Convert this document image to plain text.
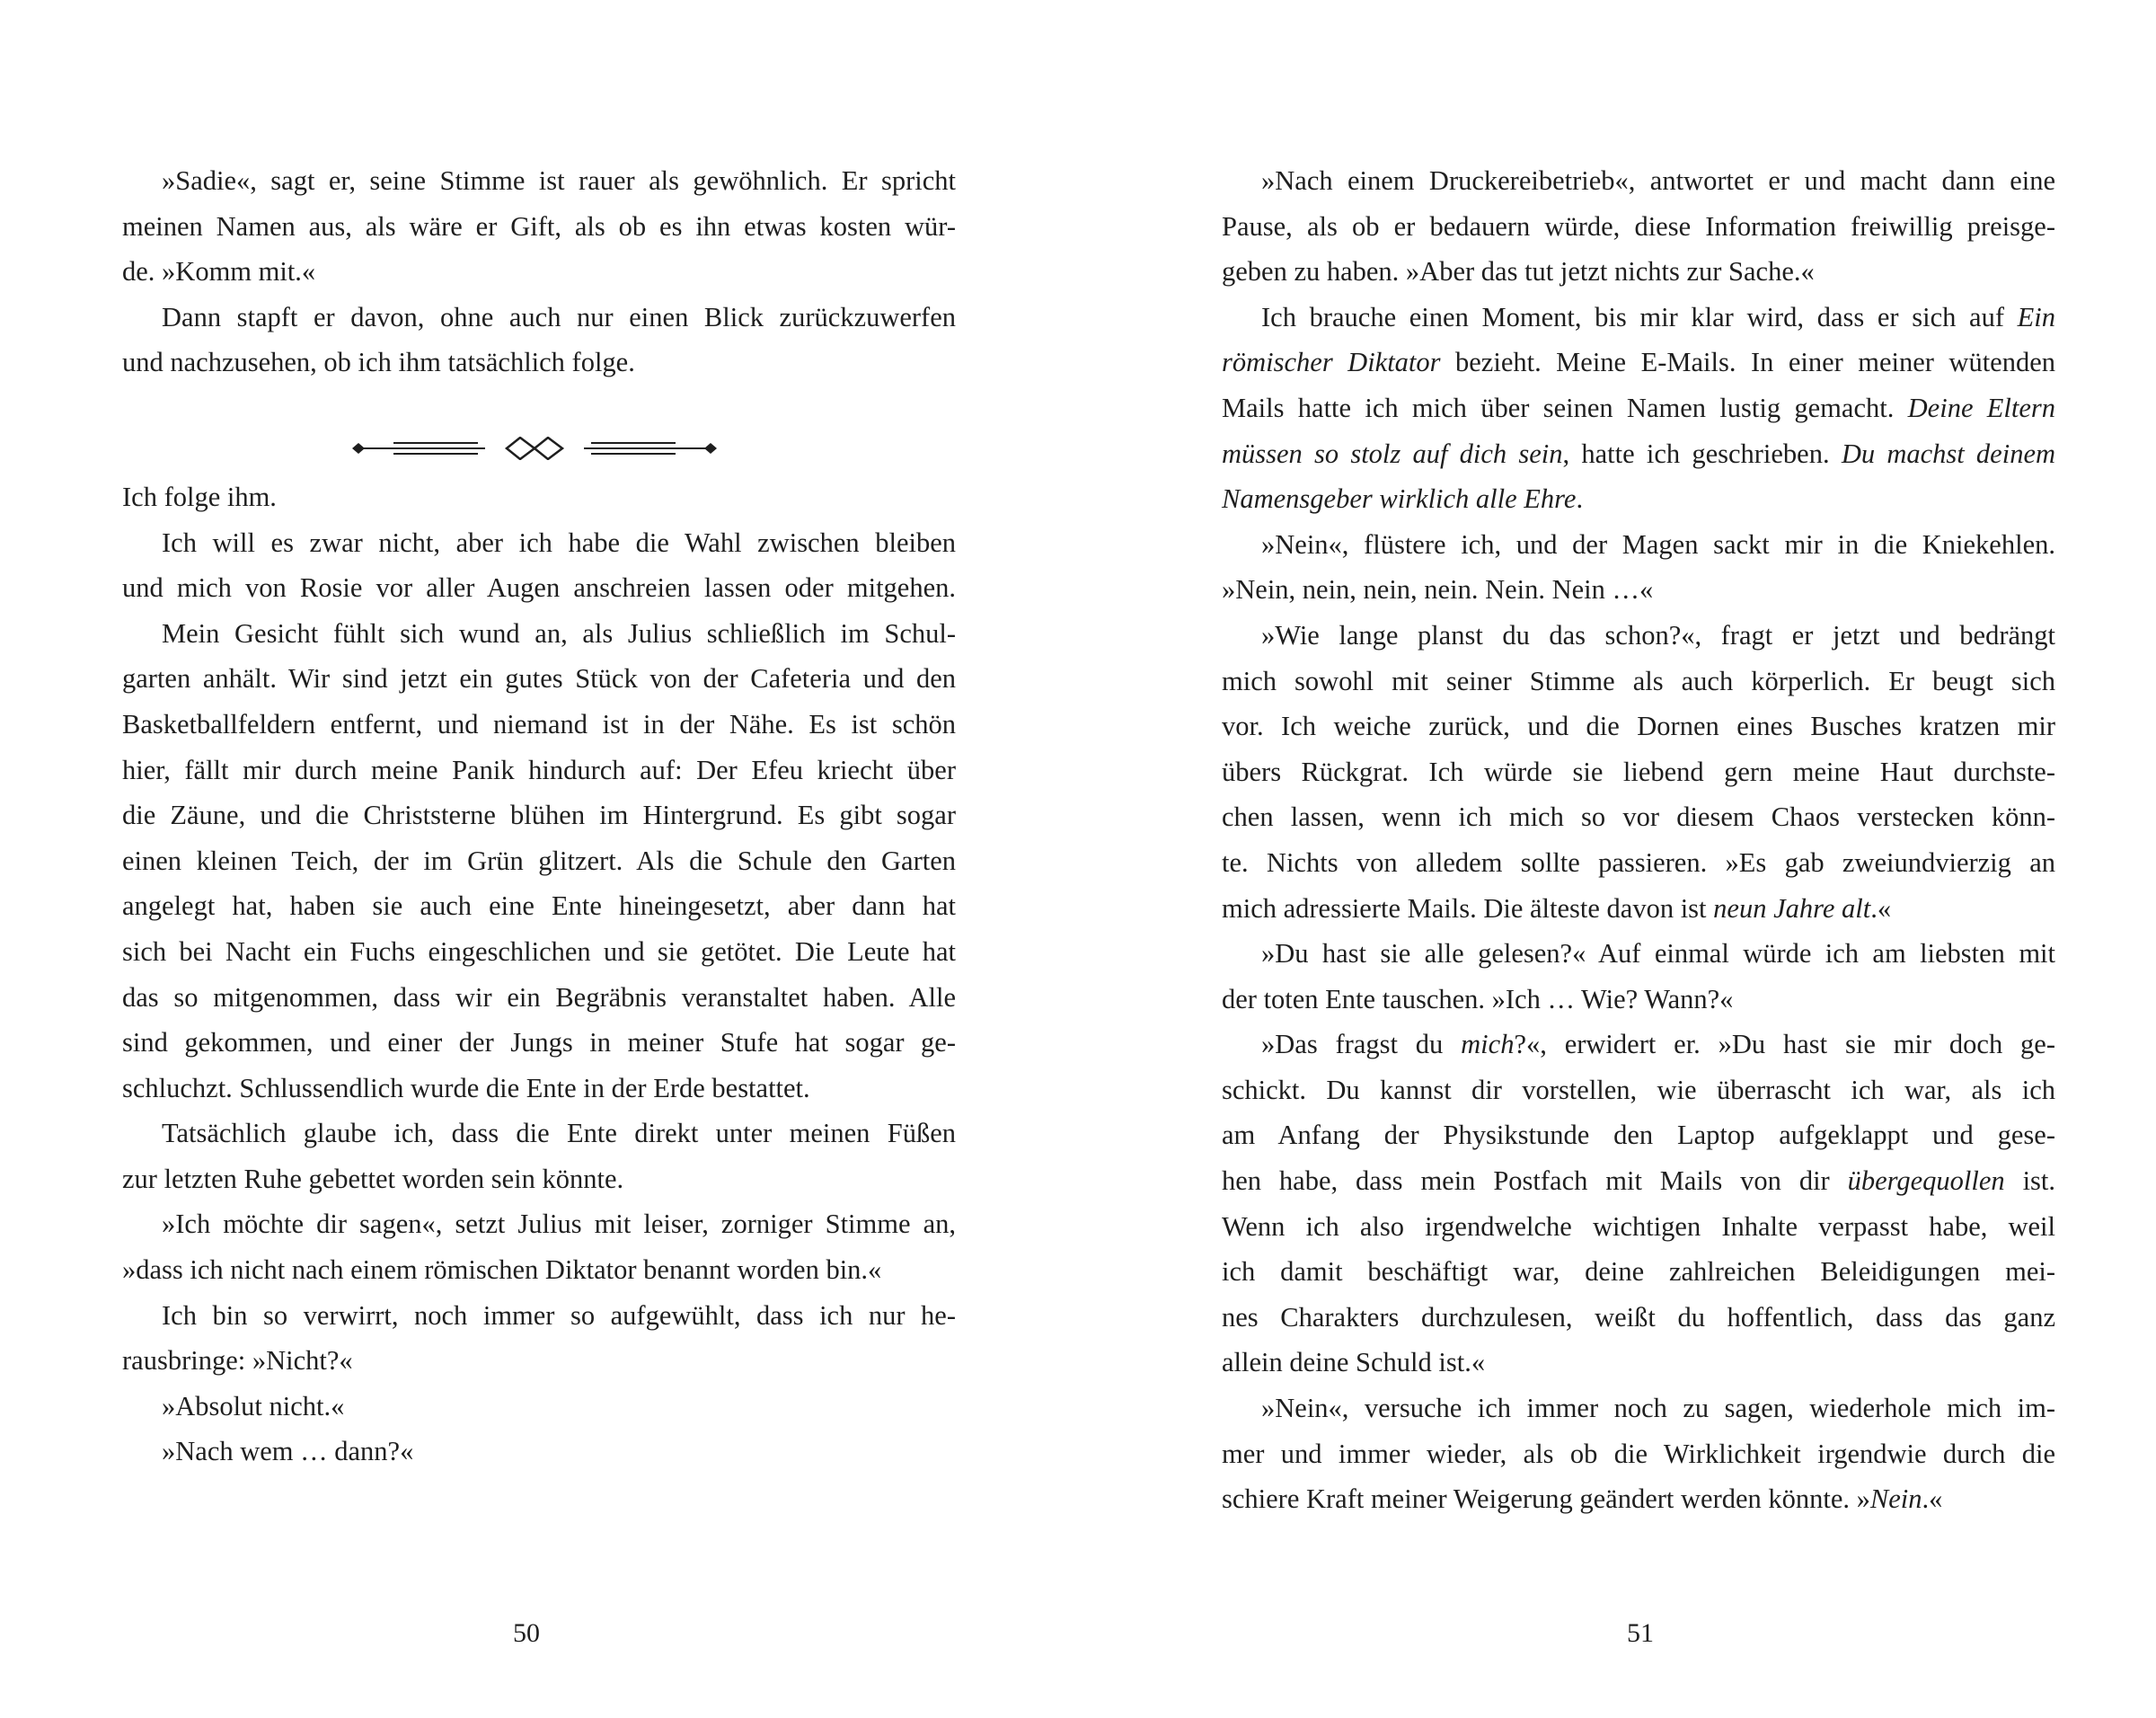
»Sadie«, sagt er, seine Stimme ist rauer als gewöhnlich. Er spricht
meinen Namen aus, als wäre er Gift, als ob es ihn etwas kosten wür-
de. »Komm mit.«
Dann stapft er davon, ohne auch nur einen Blick zurückzuwerfen
und nachzusehen, ob ich ihm tatsächlich folge.
Ich folge ihm.
Ich will es zwar nicht, aber ich habe die Wahl zwischen bleiben
und mich von Rosie vor aller Augen anschreien lassen oder mitgehen.
Mein Gesicht fühlt sich wund an, als Julius schließlich im Schul-
garten anhält. Wir sind jetzt ein gutes Stück von der Cafeteria und den
Basketballfeldern entfernt, und niemand ist in der Nähe. Es ist schön
hier, fällt mir durch meine Panik hindurch auf: Der Efeu kriecht über
die Zäune, und die Christsterne blühen im Hintergrund. Es gibt sogar
einen kleinen Teich, der im Grün glitzert. Als die Schule den Garten
angelegt hat, haben sie auch eine Ente hineingesetzt, aber dann hat
sich bei Nacht ein Fuchs eingeschlichen und sie getötet. Die Leute hat
das so mitgenommen, dass wir ein Begräbnis veranstaltet haben. Alle
sind gekommen, und einer der Jungs in meiner Stufe hat sogar ge-
schluchzt. Schlussendlich wurde die Ente in der Erde bestattet.
Tatsächlich glaube ich, dass die Ente direkt unter meinen Füßen
zur letzten Ruhe gebettet worden sein könnte.
»Ich möchte dir sagen«, setzt Julius mit leiser, zorniger Stimme an,
»dass ich nicht nach einem römischen Diktator benannt worden bin.«
Ich bin so verwirrt, noch immer so aufgewühlt, dass ich nur he-
rausbringe: »Nicht?«
»Absolut nicht.«
»Nach wem … dann?«
50
»Nach einem Druckereibetrieb«, antwortet er und macht dann eine
Pause, als ob er bedauern würde, diese Information freiwillig preisge-
geben zu haben. »Aber das tut jetzt nichts zur Sache.«
Ich brauche einen Moment, bis mir klar wird, dass er sich auf Ein
römischer Diktator bezieht. Meine E-Mails. In einer meiner wütenden
Mails hatte ich mich über seinen Namen lustig gemacht. Deine Eltern
müssen so stolz auf dich sein, hatte ich geschrieben. Du machst deinem
Namensgeber wirklich alle Ehre.
»Nein«, flüstere ich, und der Magen sackt mir in die Kniekehlen.
»Nein, nein, nein, nein. Nein. Nein …«
»Wie lange planst du das schon?«, fragt er jetzt und bedrängt
mich sowohl mit seiner Stimme als auch körperlich. Er beugt sich
vor. Ich weiche zurück, und die Dornen eines Busches kratzen mir
übers Rückgrat. Ich würde sie liebend gern meine Haut durchste-
chen lassen, wenn ich mich so vor diesem Chaos verstecken könn-
te. Nichts von alledem sollte passieren. »Es gab zweiundvierzig an
mich adressierte Mails. Die älteste davon ist neun Jahre alt.«
»Du hast sie alle gelesen?« Auf einmal würde ich am liebsten mit
der toten Ente tauschen. »Ich … Wie? Wann?«
»Das fragst du mich?«, erwidert er. »Du hast sie mir doch ge-
schickt. Du kannst dir vorstellen, wie überrascht ich war, als ich
am Anfang der Physikstunde den Laptop aufgeklappt und gese-
hen habe, dass mein Postfach mit Mails von dir übergequollen ist.
Wenn ich also irgendwelche wichtigen Inhalte verpasst habe, weil
ich damit beschäftigt war, deine zahlreichen Beleidigungen mei-
nes Charakters durchzulesen, weißt du hoffentlich, dass das ganz
allein deine Schuld ist.«
»Nein«, versuche ich immer noch zu sagen, wiederhole mich im-
mer und immer wieder, als ob die Wirklichkeit irgendwie durch die
schiere Kraft meiner Weigerung geändert werden könnte. »Nein.«
51
